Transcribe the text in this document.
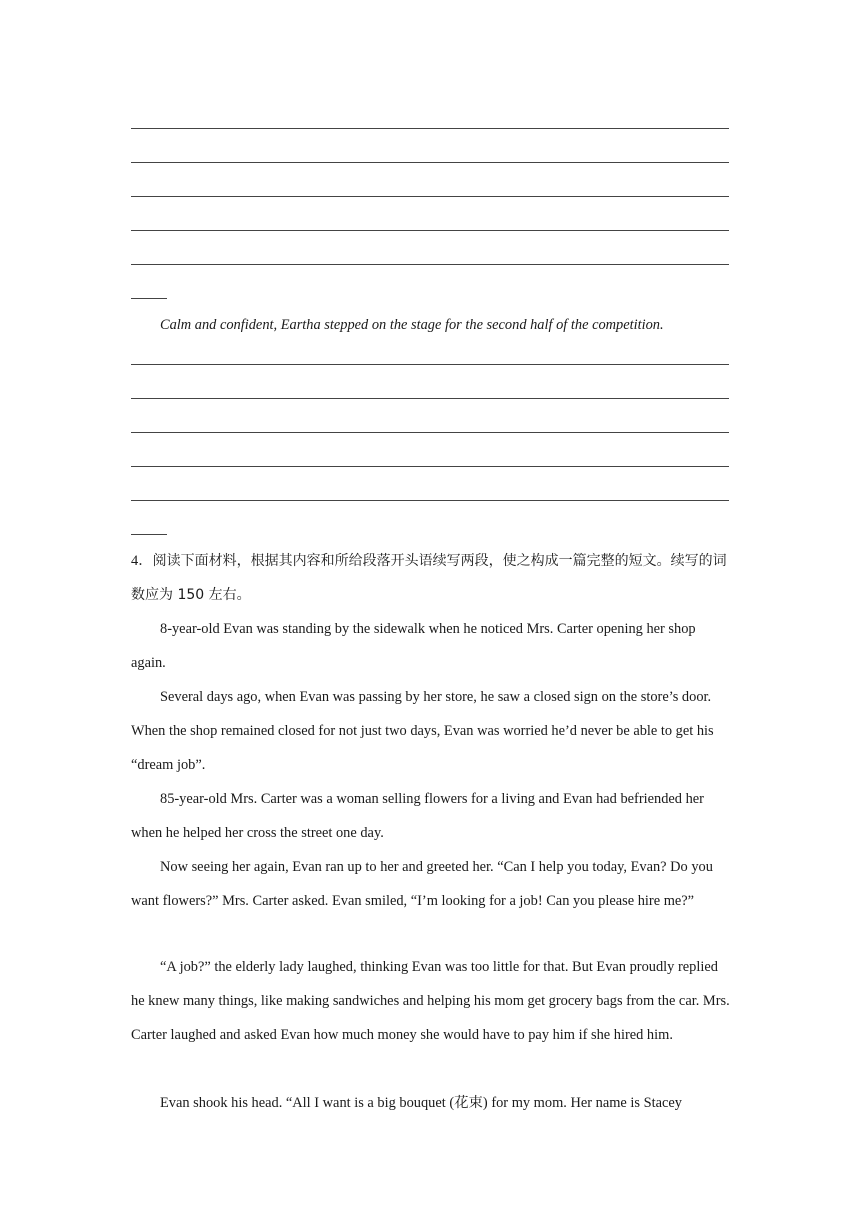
Calm and confident, Eartha stepped on the stage for the second half of the competition.

4．阅读下面材料，根据其内容和所给段落开头语续写两段，使之构成一篇完整的短文。续写的词数应为 150 左右。

8-year-old Evan was standing by the sidewalk when he noticed Mrs. Carter opening her shop again.

Several days ago, when Evan was passing by her store, he saw a closed sign on the store’s door. When the shop remained closed for not just two days, Evan was worried he’d never be able to get his “dream job”.

85-year-old Mrs. Carter was a woman selling flowers for a living and Evan had befriended her when he helped her cross the street one day.

Now seeing her again, Evan ran up to her and greeted her. “Can I help you today, Evan? Do you want flowers?” Mrs. Carter asked. Evan smiled, “I’m looking for a job! Can you please hire me?”

“A job?” the elderly lady laughed, thinking Evan was too little for that. But Evan proudly replied he knew many things, like making sandwiches and helping his mom get grocery bags from the car. Mrs. Carter laughed and asked Evan how much money she would have to pay him if she hired him.

Evan shook his head. “All I want is a big bouquet (花束) for my mom. Her name is Stacey
